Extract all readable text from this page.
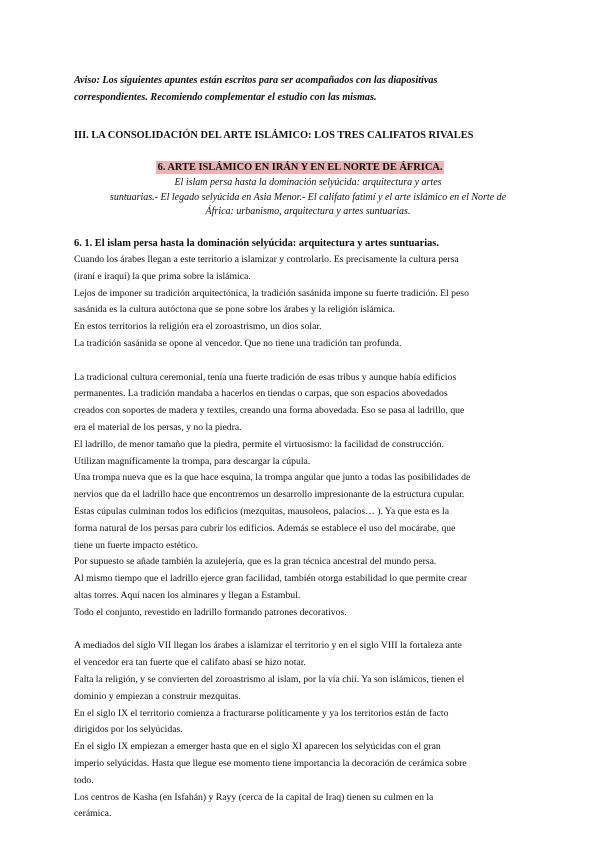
Aviso: Los siguientes apuntes están escritos para ser acompañados con las diapositivas
correspondientes. Recomiendo complementar el estudio con las mismas.
III. LA CONSOLIDACIÓN DEL ARTE ISLÁMICO: LOS TRES CALIFATOS RIVALES
6. ARTE ISLÁMICO EN IRÁN Y EN EL NORTE DE ÁFRICA.
El islam persa hasta la dominación selyúcida: arquitectura y artes
suntuarias.- El legado selyúcida en Asia Menor.- El califato fatimí y el arte islámico en el Norte de
África: urbanismo, arquitectura y artes suntuarias.
6. 1. El islam persa hasta la dominación selyúcida: arquitectura y artes suntuarias.

Cuando los árabes llegan a este territorio a islamizar y controlarlo. Es precisamente la cultura persa

(iraní e iraquí) la que prima sobre la islámica.

Lejos de imponer su tradición arquitectónica, la tradición sasánida impone su fuerte tradición. El peso

sasánida es la cultura autóctona que se pone sobre los árabes y la religión islámica.

En estos territorios la religión era el zoroastrismo, un dios solar.

La tradición sasánida se opone al vencedor. Que no tiene una tradición tan profunda.

La tradicional cultura ceremonial, tenía una fuerte tradición de esas tribus y aunque había edificios

permanentes. La tradición mandaba a hacerlos en tiendas o carpas, que son espacios abovedados

creados con soportes de madera y textiles, creando una forma abovedada. Eso se pasa al ladrillo, que

era el material de los persas, y no la piedra.

El ladrillo, de menor tamaño que la piedra, permite el virtuosismo: la facilidad de construcción.

Utilizan magníficamente la trompa, para descargar la cúpula.

Una trompa nueva que es la que hace esquina, la trompa angular que junto a todas las posibilidades de

nervios que da el ladrillo hace que encontremos un desarrollo impresionante de la estructura cupular.

Estas cúpulas culminan todos los edificios (mezquitas, mausoleos, palacios… ). Ya que esta es la

forma natural de los persas para cubrir los edificios. Además se establece el uso del mocárabe, que

tiene un fuerte impacto estético.

Por supuesto se añade también la azulejería, que es la gran técnica ancestral del mundo persa.

Al mismo tiempo que el ladrillo ejerce gran facilidad, también otorga estabilidad lo que permite crear

altas torres. Aquí nacen los alminares y llegan a Estambul.

Todo el conjunto, revestido en ladrillo formando patrones decorativos.

A mediados del siglo VII llegan los árabes a islamizar el territorio y en el siglo VIII la fortaleza ante

el vencedor era tan fuerte que el califato abasí se hizo notar.

Falta la religión, y se convierten del zoroastrismo al islam, por la vía chií. Ya son islámicos, tienen el

dominio y empiezan a construir mezquitas.

En el siglo IX el territorio comienza a fracturarse políticamente y ya los territorios están de facto

dirigidos por los selyúcidas.

En el siglo IX empiezan a emerger hasta que en el siglo XI aparecen los selyúcidas con el gran

imperio selyúcidas. Hasta que llegue ese momento tiene importancia la decoración de cerámica sobre

todo.

Los centros de Kasha (en Isfahán) y Rayy (cerca de la capital de Iraq) tienen su culmen en la

cerámica.
